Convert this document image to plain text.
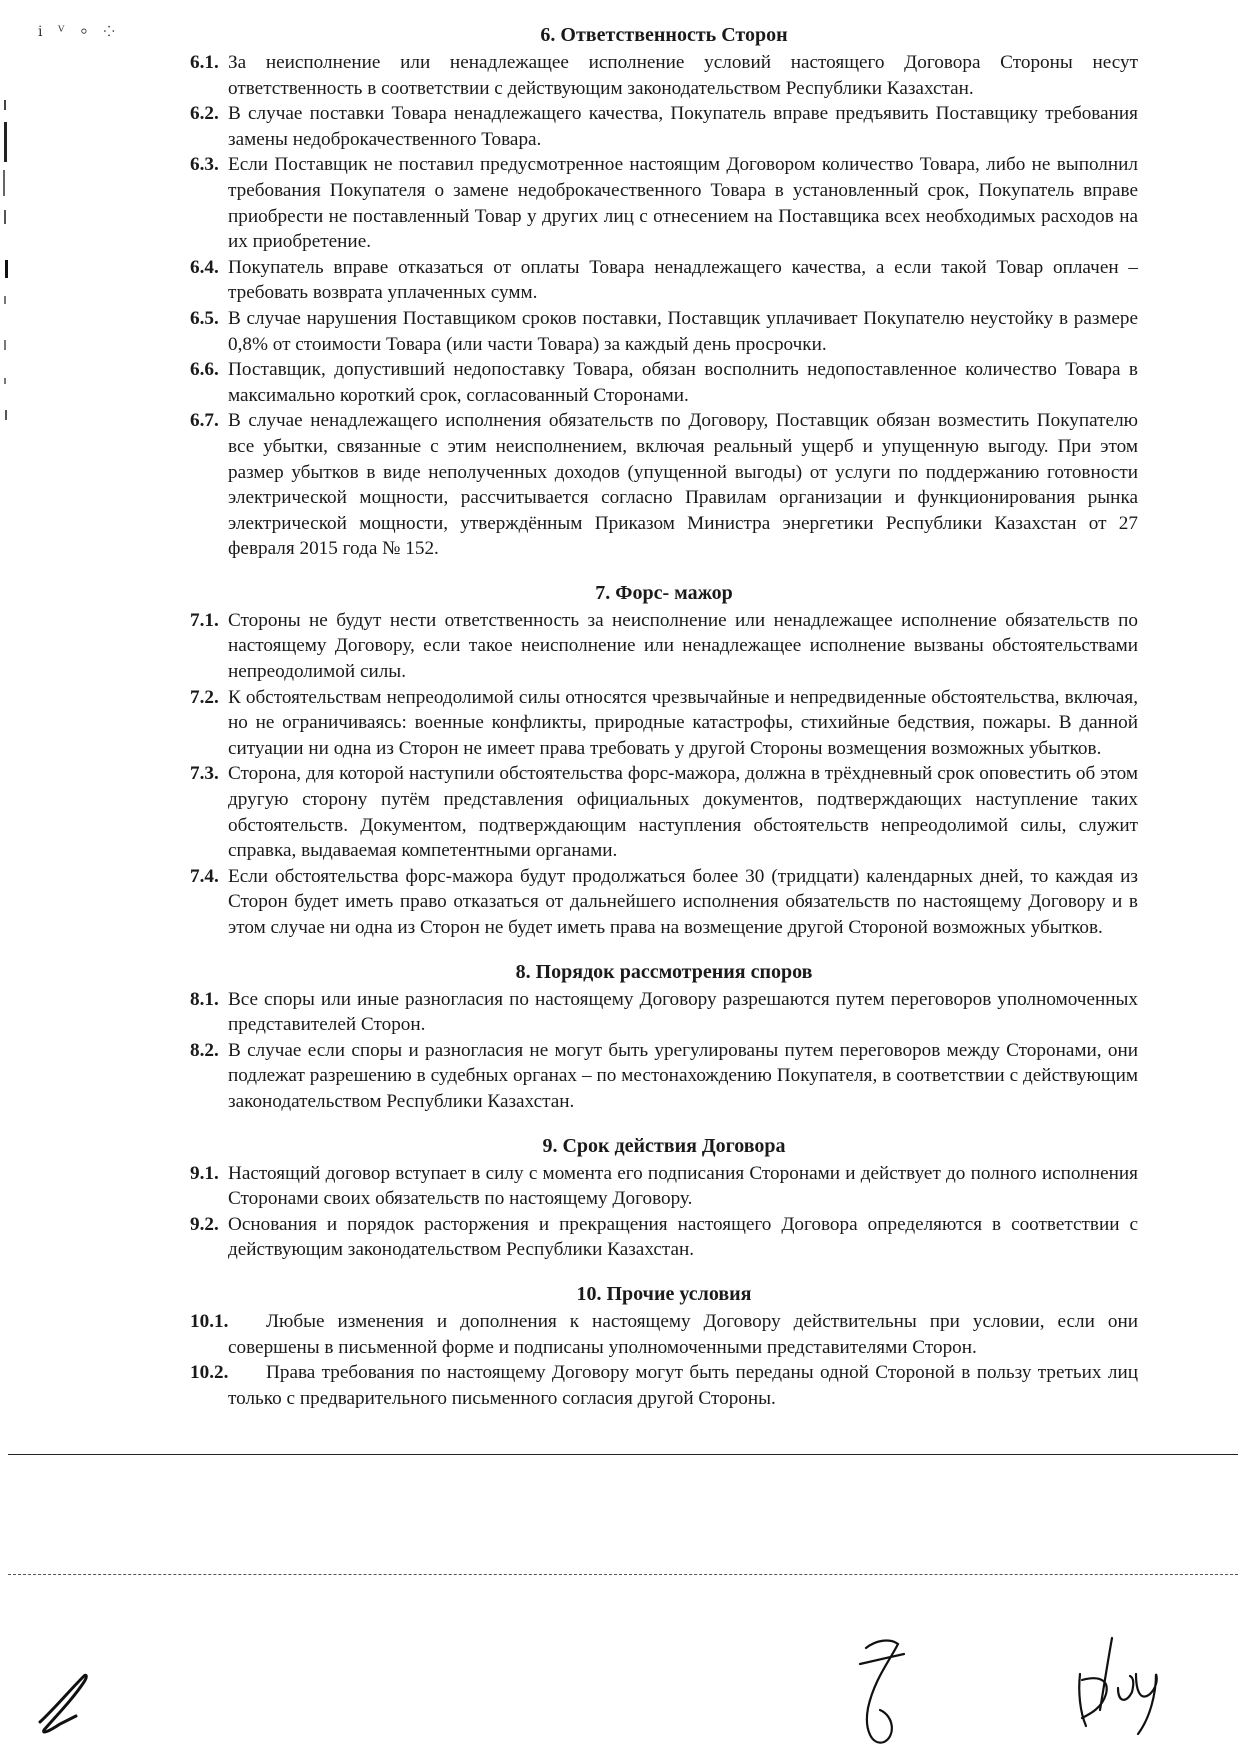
ⅰ ⱽ ⸰ ⁘	6. Ответственность Сторон

6.1. За неисполнение или ненадлежащее исполнение условий настоящего Договора Стороны несут ответственность в соответствии с действующим законодательством Республики Казахстан.

6.2. В случае поставки Товара ненадлежащего качества, Покупатель вправе предъявить Поставщику требования замены недоброкачественного Товара.

6.3. Если Поставщик не поставил предусмотренное настоящим Договором количество Товара, либо не выполнил требования Покупателя о замене недоброкачественного Товара в установленный срок, Покупатель вправе приобрести не поставленный Товар у других лиц с отнесением на Поставщика всех необходимых расходов на их приобретение.

6.4. Покупатель вправе отказаться от оплаты Товара ненадлежащего качества, а если такой Товар оплачен – требовать возврата уплаченных сумм.

6.5. В случае нарушения Поставщиком сроков поставки, Поставщик уплачивает Покупателю неустойку в размере 0,8% от стоимости Товара (или части Товара) за каждый день просрочки.

6.6. Поставщик, допустивший недопоставку Товара, обязан восполнить недопоставленное количество Товара в максимально короткий срок, согласованный Сторонами.

6.7. В случае ненадлежащего исполнения обязательств по Договору, Поставщик обязан возместить Покупателю все убытки, связанные с этим неисполнением, включая реальный ущерб и упущенную выгоду. При этом размер убытков в виде неполученных доходов (упущенной выгоды) от услуги по поддержанию готовности электрической мощности, рассчитывается согласно Правилам организации и функционирования рынка электрической мощности, утверждённым Приказом Министра энергетики Республики Казахстан от 27 февраля 2015 года № 152.

7. Форс- мажор

7.1. Стороны не будут нести ответственность за неисполнение или ненадлежащее исполнение обязательств по настоящему Договору, если такое неисполнение или ненадлежащее исполнение вызваны обстоятельствами непреодолимой силы.

7.2. К обстоятельствам непреодолимой силы относятся чрезвычайные и непредвиденные обстоятельства, включая, но не ограничиваясь: военные конфликты, природные катастрофы, стихийные бедствия, пожары. В данной ситуации ни одна из Сторон не имеет права требовать у другой Стороны возмещения возможных убытков.

7.3. Сторона, для которой наступили обстоятельства форс-мажора, должна в трёхдневный срок оповестить об этом другую сторону путём представления официальных документов, подтверждающих наступление таких обстоятельств. Документом, подтверждающим наступления обстоятельств непреодолимой силы, служит справка, выдаваемая компетентными органами.

7.4. Если обстоятельства форс-мажора будут продолжаться более 30 (тридцати) календарных дней, то каждая из Сторон будет иметь право отказаться от дальнейшего исполнения обязательств по настоящему Договору и в этом случае ни одна из Сторон не будет иметь права на возмещение другой Стороной возможных убытков.

8. Порядок рассмотрения споров

8.1. Все споры или иные разногласия по настоящему Договору разрешаются путем переговоров уполномоченных представителей Сторон.

8.2. В случае если споры и разногласия не могут быть урегулированы путем переговоров между Сторонами, они подлежат разрешению в судебных органах – по местонахождению Покупателя, в соответствии с действующим законодательством Республики Казахстан.

9. Срок действия Договора

9.1. Настоящий договор вступает в силу с момента его подписания Сторонами и действует до полного исполнения Сторонами своих обязательств по настоящему Договору.

9.2. Основания и порядок расторжения и прекращения настоящего Договора определяются в соответствии с действующим законодательством Республики Казахстан.

10. Прочие условия

10.1. Любые изменения и дополнения к настоящему Договору действительны при условии, если они совершены в письменной форме и подписаны уполномоченными представителями Сторон.

10.2. Права требования по настоящему Договору могут быть переданы одной Стороной в пользу третьих лиц только с предварительного письменного согласия другой Стороны.
